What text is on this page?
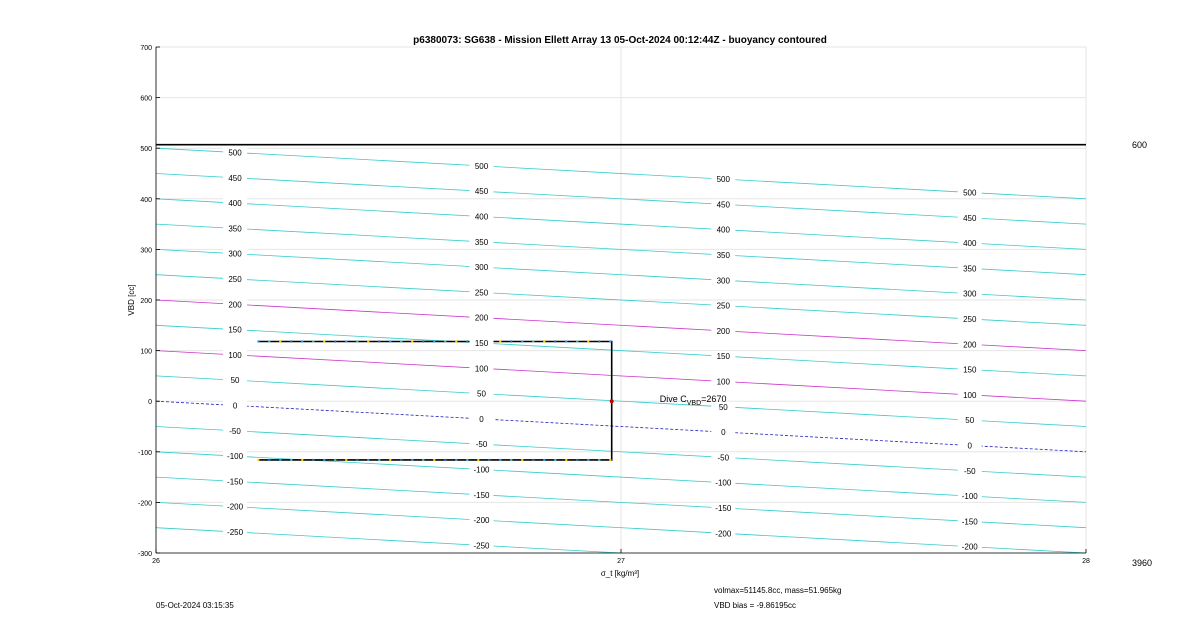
-300
-200
-100
0
100
200
300
400
500
600
700
26	27	28
-250
-200
-150
-100
-50
0
50
100
150
200
250
300
350
400
450
500
-250
-200
-150
-100
-50
0
50
100
150
200
250
300
350
400
450
500
-200
-150
-100
-50
0
50
100
150
200
250
300
350
400
450
500
-200
-150
-100
-50
0
50
100
150
200
250
300
350
400
450
500
p6380073: SG638 - Mission Ellett Array 13 05-Oct-2024 00:12:44Z - buoyancy contoured
VBD [cc]
σ_t [kg/m³]
600
3960
Dive $C_{VBD}=2670$
05-Oct-2024 03:15:35
volmax=51145.8cc, mass=51.965kg
VBD bias = -9.86195cc
